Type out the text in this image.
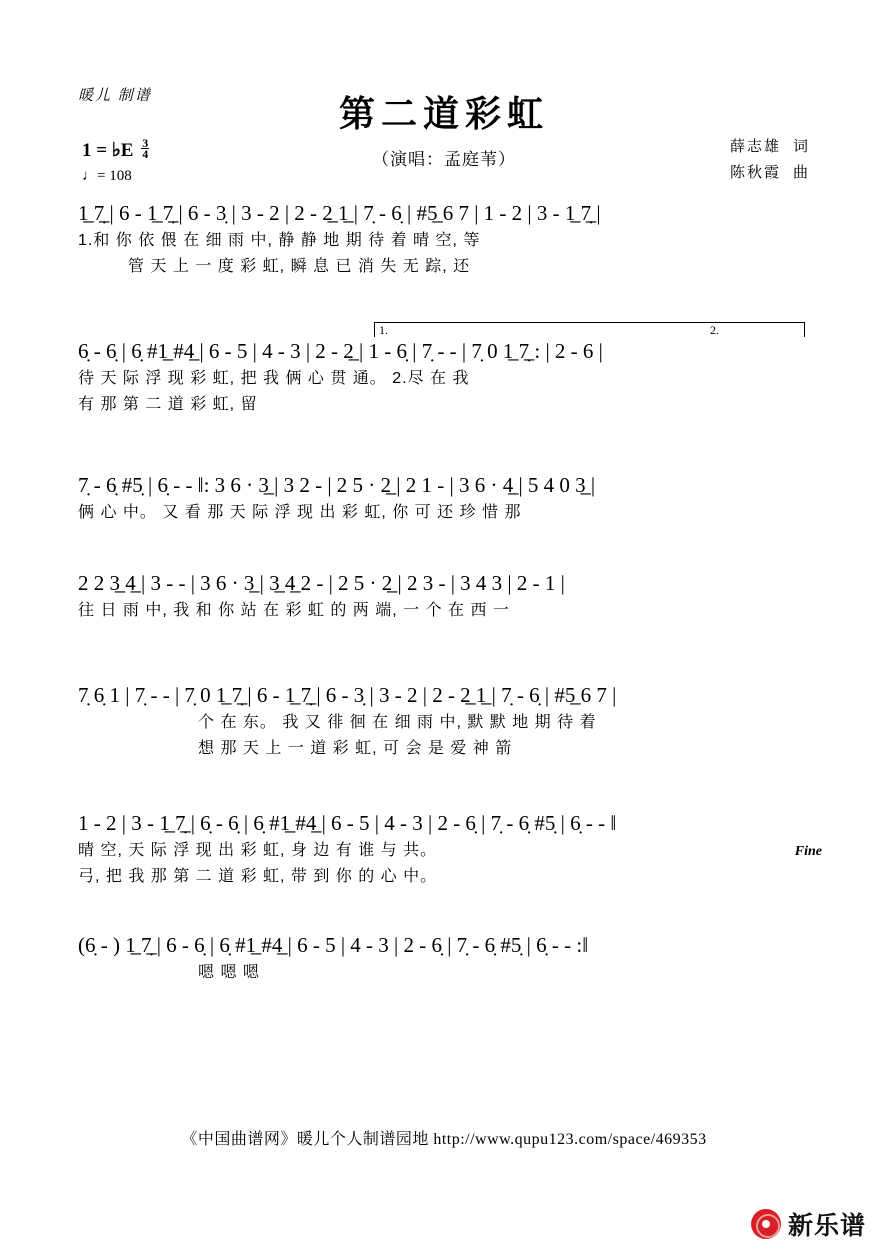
暖儿 制谱	第二道彩虹
（演唱：孟庭苇）
薛志雄 词
陈秋霞 曲
1 = ♭E $\frac{3}{4}$
♩= 108
1̲ 7̣̲ | 6 - 1̲ 7̣̲ | 6 - 3̣ | 3 - 2 | 2 - 2̲ 1̲ | 7̣ - 6̣ | #5̲ 6 7 | 1 - 2 | 3 - 1̲ 7̣̲ |
1.和 你 依 偎 在 细 雨 中, 静 静 地 期 待 着 晴 空, 等
管 天 上 一 度 彩 虹, 瞬 息 已 消 失 无 踪, 还
1.	2.
6̣ - 6̣ | 6̣ #1̲ #4̲ | 6 - 5 | 4 - 3 | 2 - 2̲ | 1 - 6̣ | 7̣ - - | 7̣ 0 1̲ 7̣̲ : | 2 - 6 |
待 天 际 浮 现 彩 虹, 把 我 俩 心 贯 通。 2.尽 在 我
有 那 第 二 道 彩 虹, 留
7̣ - 6̣ #5̣ | 6̣ - - ‖: 3 6 · 3̲ | 3 2 - | 2 5 · 2̲ | 2 1 - | 3 6 · 4̲ | 5 4 0 3̲ |
俩 心 中。 又 看 那 天 际 浮 现 出 彩 虹, 你 可 还 珍 惜 那
2 2 3̲ 4̲ | 3 - - | 3 6 · 3̲ | 3̲ 4̲ 2 - | 2 5 · 2̲ | 2 3 - | 3 4 3 | 2 - 1 |
往 日 雨 中, 我 和 你 站 在 彩 虹 的 两 端, 一 个 在 西 一
7̣ 6̣ 1 | 7̣ - - | 7̣ 0 1̲ 7̣̲ | 6 - 1̲ 7̣̲ | 6 - 3̣ | 3 - 2 | 2 - 2̲ 1̲ | 7̣ - 6̣ | #5̲ 6 7 |
个 在 东。 我 又 徘 徊 在 细 雨 中, 默 默 地 期 待 着
想 那 天 上 一 道 彩 虹, 可 会 是 爱 神 箭
1 - 2 | 3 - 1̲ 7̣̲ | 6̣ - 6̣ | 6̣ #1̲ #4̲ | 6 - 5 | 4 - 3 | 2 - 6̣ | 7̣ - 6̣ #5̣ | 6̣ - - ‖
晴 空, 天 际 浮 现 出 彩 虹, 身 边 有 谁 与 共。
弓, 把 我 那 第 二 道 彩 虹, 带 到 你 的 心 中。
Fine
(6̣ - ) 1̲ 7̣̲ | 6 - 6̣ | 6̣ #1̲ #4̲ | 6 - 5 | 4 - 3 | 2 - 6̣ | 7̣ - 6̣ #5̣ | 6̣ - - :‖
嗯 嗯 嗯
《中国曲谱网》暖儿个人制谱园地 http://www.qupu123.com/space/469353
新乐谱
